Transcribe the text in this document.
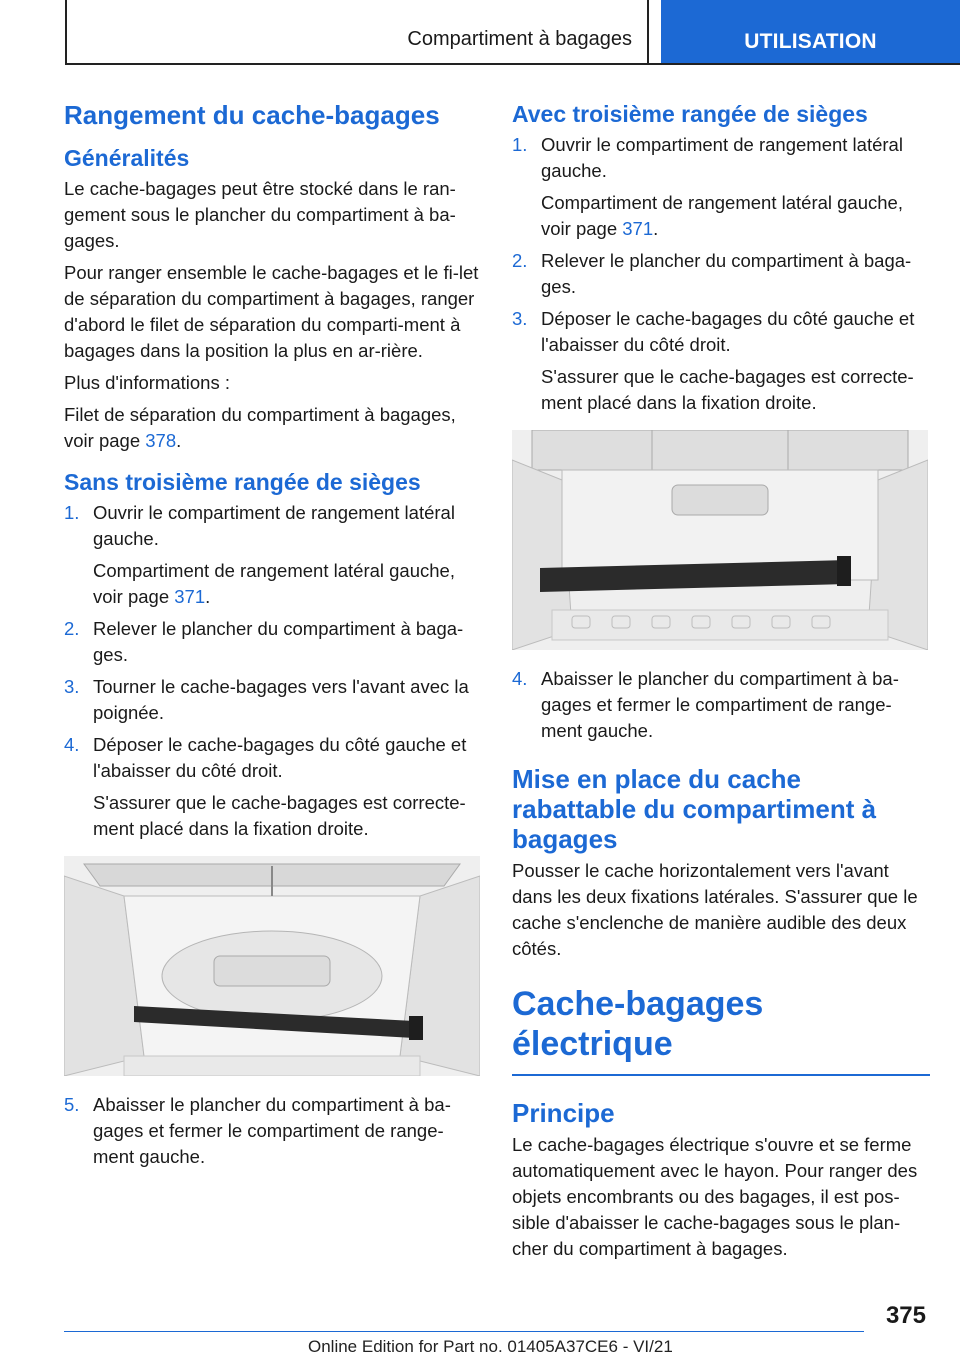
Compartiment à bagages	UTILISATION
Rangement du cache-bagages
Généralités

Le cache-bagages peut être stocké dans le ran-gement sous le plancher du compartiment à ba-gages.

Pour ranger ensemble le cache-bagages et le fi-let de séparation du compartiment à bagages, ranger d'abord le filet de séparation du comparti-ment à bagages dans la position la plus en ar-rière.

Plus d'informations :

Filet de séparation du compartiment à bagages, voir page 378.

Sans troisième rangée de sièges
1. Ouvrir le compartiment de rangement latéral gauche.

Compartiment de rangement latéral gauche, voir page 371.

2. Relever le plancher du compartiment à baga-ges.

3. Tourner le cache-bagages vers l'avant avec la poignée.

4. Déposer le cache-bagages du côté gauche et l'abaisser du côté droit.

S'assurer que le cache-bagages est correcte-ment placé dans la fixation droite.

5. Abaisser le plancher du compartiment à ba-gages et fermer le compartiment de range-ment gauche.

Avec troisième rangée de sièges
1. Ouvrir le compartiment de rangement latéral gauche.

Compartiment de rangement latéral gauche, voir page 371.

2. Relever le plancher du compartiment à baga-ges.

3. Déposer le cache-bagages du côté gauche et l'abaisser du côté droit.

S'assurer que le cache-bagages est correcte-ment placé dans la fixation droite.

4. Abaisser le plancher du compartiment à ba-gages et fermer le compartiment de range-ment gauche.

Mise en place du cache rabattable du compartiment à bagages

Pousser le cache horizontalement vers l'avant dans les deux fixations latérales. S'assurer que le cache s'enclenche de manière audible des deux côtés.

Cache-bagages électrique
Principe

Le cache-bagages électrique s'ouvre et se ferme automatiquement avec le hayon. Pour ranger des objets encombrants ou des bagages, il est pos-sible d'abaisser le cache-bagages sous le plan-cher du compartiment à bagages.

375
Online Edition for Part no. 01405A37CE6 - VI/21
